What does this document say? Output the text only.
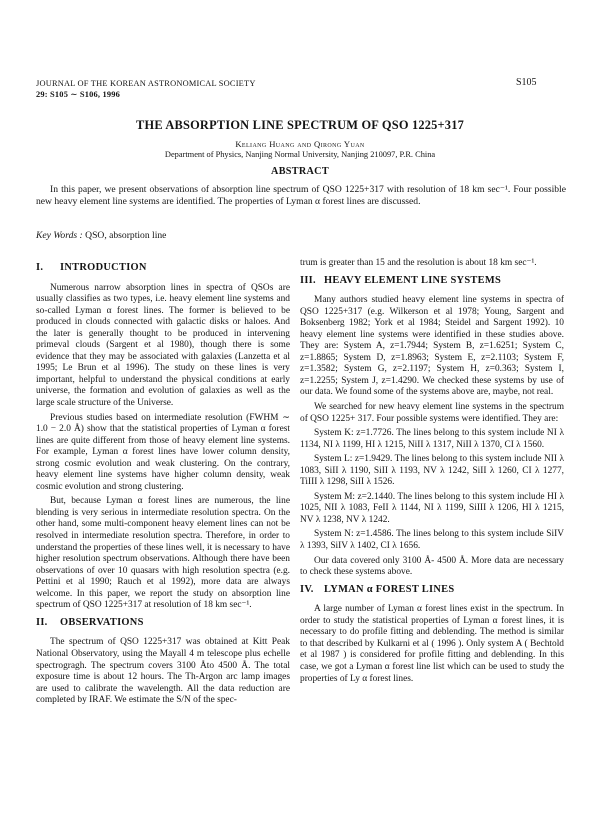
JOURNAL OF THE KOREAN ASTRONOMICAL SOCIETY
29: S105 ∼ S106, 1996
S105
THE ABSORPTION LINE SPECTRUM OF QSO 1225+317
Keliang Huang and Qirong Yuan
Department of Physics, Nanjing Normal University, Nanjing 210097, P.R. China
ABSTRACT

In this paper, we present observations of absorption line spectrum of QSO 1225+317 with resolution of 18 km sec⁻¹. Four possible new heavy element line systems are identified. The properties of Lyman α forest lines are discussed.

Key Words : QSO, absorption line
I. INTRODUCTION

Numerous narrow absorption lines in spectra of QSOs are usually classifies as two types, i.e. heavy element line systems and so-called Lyman α forest lines. The former is believed to be produced in clouds connected with galactic disks or haloes. And the later is generally thought to be produced in intervening primeval clouds (Sargent et al 1980), though there is some evidence that they may be associated with galaxies (Lanzetta et al 1995; Le Brun et al 1996). The study on these lines is very important, helpful to understand the physical conditions at early universe, the formation and evolution of galaxies as well as the large scale structure of the Universe.

Previous studies based on intermediate resolution (FWHM ∼ 1.0 − 2.0 Å) show that the statistical properties of Lyman α forest lines are quite different from those of heavy element line systems. For example, Lyman α forest lines have lower column density, strong cosmic evolution and weak clustering. On the contrary, heavy element line systems have higher column density, weak cosmic evolution and strong clustering.

But, because Lyman α forest lines are numerous, the line blending is very serious in intermediate resolution spectra. On the other hand, some multi-component heavy element lines can not be resolved in intermediate resolution spectra. Therefore, in order to understand the properties of these lines well, it is necessary to have higher resolution spectrum observations. Although there have been observations of over 10 quasars with high resolution spectra (e.g. Pettini et al 1990; Rauch et al 1992), more data are always welcome. In this paper, we report the study on absorption line spectrum of QSO 1225+317 at resolution of 18 km sec⁻¹.

II. OBSERVATIONS

The spectrum of QSO 1225+317 was obtained at Kitt Peak National Observatory, using the Mayall 4 m telescope plus echelle spectrogragh. The spectrum covers 3100 Åto 4500 Å. The total exposure time is about 12 hours. The Th-Argon arc lamp images are used to calibrate the wavelength. All the data reduction are completed by IRAF. We estimate the S/N of the spec-

trum is greater than 15 and the resolution is about 18 km sec⁻¹.

III. HEAVY ELEMENT LINE SYSTEMS

Many authors studied heavy element line systems in spectra of QSO 1225+317 (e.g. Wilkerson et al 1978; Young, Sargent and Boksenberg 1982; York et al 1984; Steidel and Sargent 1992). 10 heavy element line systems were identified in these studies above. They are: System A, z=1.7944; System B, z=1.6251; System C, z=1.8865; System D, z=1.8963; System E, z=2.1103; System F, z=1.3582; System G, z=2.1197; System H, z=0.363; System I, z=1.2255; System J, z=1.4290. We checked these systems by use of our data. We found some of the systems above are, maybe, not real.

We searched for new heavy element line systems in the spectrum of QSO 1225+ 317. Four possible systems were identified. They are:

System K: z=1.7726. The lines belong to this system include NI λ 1134, NI λ 1199, HI λ 1215, NiII λ 1317, NiII λ 1370, CI λ 1560.

System L: z=1.9429. The lines belong to this system include NII λ 1083, SiII λ 1190, SiII λ 1193, NV λ 1242, SiII λ 1260, CI λ 1277, TiIII λ 1298, SiII λ 1526.

System M: z=2.1440. The lines belong to this system include HI λ 1025, NII λ 1083, FeII λ 1144, NI λ 1199, SiIII λ 1206, HI λ 1215, NV λ 1238, NV λ 1242.

System N: z=1.4586. The lines belong to this system include SiIV λ 1393, SiIV λ 1402, CI λ 1656.

Our data covered only 3100 Å- 4500 Å. More data are necessary to check these systems above.

IV. LYMAN α FOREST LINES

A large number of Lyman α forest lines exist in the spectrum. In order to study the statistical properties of Lyman α forest lines, it is necessary to do profile fitting and deblending. The method is similar to that described by Kulkarni et al ( 1996 ). Only system A ( Bechtold et al 1987 ) is considered for profile fitting and deblending. In this case, we got a Lyman α forest line list which can be used to study the properties of Ly α forest lines.
